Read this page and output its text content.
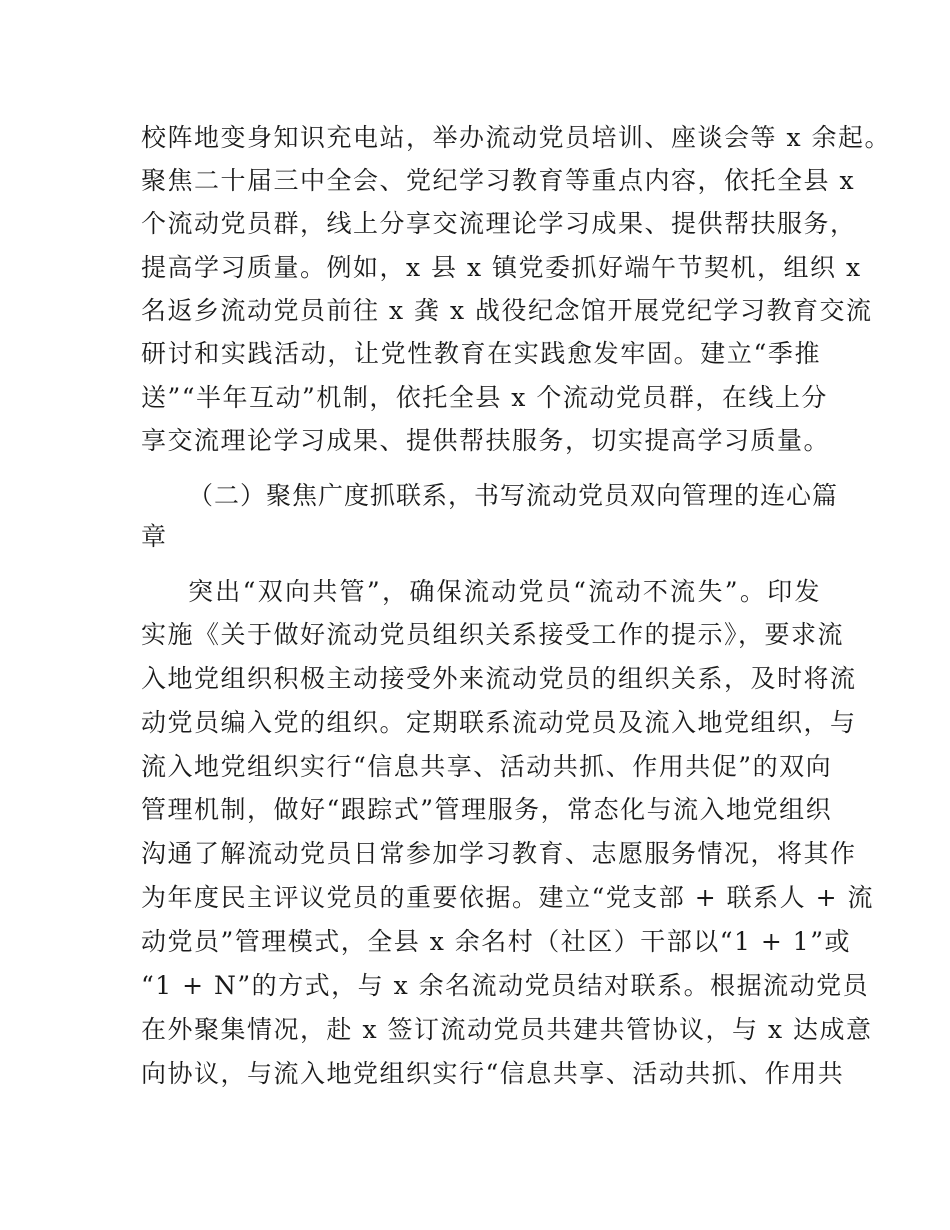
校阵地变身知识充电站，举办流动党员培训、座谈会等 x 余起。
聚焦二十届三中全会、党纪学习教育等重点内容，依托全县 x
个流动党员群，线上分享交流理论学习成果、提供帮扶服务，
提高学习质量。例如，x 县 x 镇党委抓好端午节契机，组织 x
名返乡流动党员前往 x 龚 x 战役纪念馆开展党纪学习教育交流
研讨和实践活动，让党性教育在实践愈发牢固。建立“季推
送”“半年互动”机制，依托全县 x 个流动党员群，在线上分
享交流理论学习成果、提供帮扶服务，切实提高学习质量。
（二）聚焦广度抓联系，书写流动党员双向管理的连心篇
章
突出“双向共管”，确保流动党员“流动不流失”。印发
实施《关于做好流动党员组织关系接受工作的提示》，要求流
入地党组织积极主动接受外来流动党员的组织关系，及时将流
动党员编入党的组织。定期联系流动党员及流入地党组织，与
流入地党组织实行“信息共享、活动共抓、作用共促”的双向
管理机制，做好“跟踪式”管理服务，常态化与流入地党组织
沟通了解流动党员日常参加学习教育、志愿服务情况，将其作
为年度民主评议党员的重要依据。建立“党支部 + 联系人 + 流
动党员”管理模式，全县 x 余名村（社区）干部以“1 + 1”或
“1 + N”的方式，与 x 余名流动党员结对联系。根据流动党员
在外聚集情况，赴 x 签订流动党员共建共管协议，与 x 达成意
向协议，与流入地党组织实行“信息共享、活动共抓、作用共
